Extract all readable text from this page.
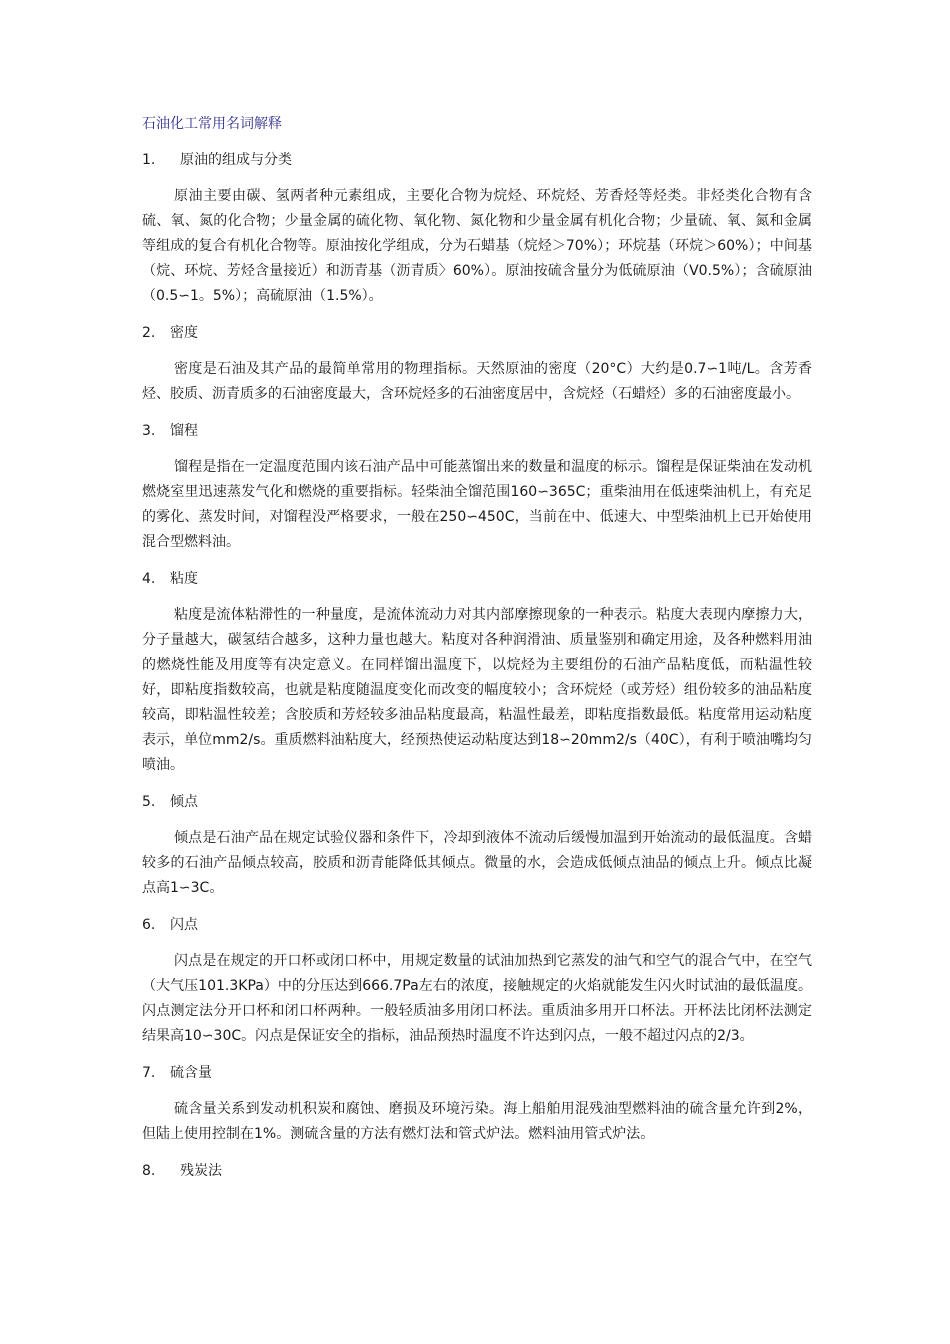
石油化工常用名词解释
1.	原油的组成与分类

原油主要由碳、氢两者种元素组成，主要化合物为烷烃、环烷烃、芳香烃等烃类。非烃类化合物有含硫、氧、氮的化合物；少量金属的硫化物、氧化物、氮化物和少量金属有机化合物；少量硫、氧、氮和金属等组成的复合有机化合物等。原油按化学组成，分为石蜡基（烷烃＞70%）；环烷基（环烷＞60%）；中间基（烷、环烷、芳烃含量接近）和沥青基（沥青质〉60%）。原油按硫含量分为低硫原油（V0.5%）；含硫原油（0.5∽1。5%）；高硫原油（1.5%）。

2.	密度

密度是石油及其产品的最简单常用的物理指标。天然原油的密度（20°C）大约是0.7∽1吨/L。含芳香烃、胶质、沥青质多的石油密度最大，含环烷烃多的石油密度居中，含烷烃（石蜡烃）多的石油密度最小。

3.	馏程

馏程是指在一定温度范围内该石油产品中可能蒸馏出来的数量和温度的标示。馏程是保证柴油在发动机燃烧室里迅速蒸发气化和燃烧的重要指标。轻柴油全馏范围160∽365C；重柴油用在低速柴油机上，有充足的雾化、蒸发时间，对馏程没严格要求，一般在250∽450C，当前在中、低速大、中型柴油机上已开始使用混合型燃料油。

4.	粘度

粘度是流体粘滞性的一种量度，是流体流动力对其内部摩擦现象的一种表示。粘度大表现内摩擦力大，分子量越大，碳氢结合越多，这种力量也越大。粘度对各种润滑油、质量鉴别和确定用途，及各种燃料用油的燃烧性能及用度等有决定意义。在同样馏出温度下，以烷烃为主要组份的石油产品粘度低，而粘温性较好，即粘度指数较高，也就是粘度随温度变化而改变的幅度较小；含环烷烃（或芳烃）组份较多的油品粘度较高，即粘温性较差；含胶质和芳烃较多油品粘度最高，粘温性最差，即粘度指数最低。粘度常用运动粘度表示，单位mm2/s。重质燃料油粘度大，经预热使运动粘度达到18∽20mm2/s（40C），有利于喷油嘴均匀喷油。

5.	倾点

倾点是石油产品在规定试验仪器和条件下，冷却到液体不流动后缓慢加温到开始流动的最低温度。含蜡较多的石油产品倾点较高，胶质和沥青能降低其倾点。微量的水，会造成低倾点油品的倾点上升。倾点比凝点高1∽3C。

6.	闪点

闪点是在规定的开口杯或闭口杯中，用规定数量的试油加热到它蒸发的油气和空气的混合气中，在空气（大气压101.3KPa）中的分压达到666.7Pa左右的浓度，接触规定的火焰就能发生闪火时试油的最低温度。闪点测定法分开口杯和闭口杯两种。一般轻质油多用闭口杯法。重质油多用开口杯法。开杯法比闭杯法测定结果高10∽30C。闪点是保证安全的指标，油品预热时温度不许达到闪点，一般不超过闪点的2/3。

7.	硫含量

硫含量关系到发动机积炭和腐蚀、磨损及环境污染。海上船舶用混残油型燃料油的硫含量允许到2%，但陆上使用控制在1%。测硫含量的方法有燃灯法和管式炉法。燃料油用管式炉法。

8.	残炭法
